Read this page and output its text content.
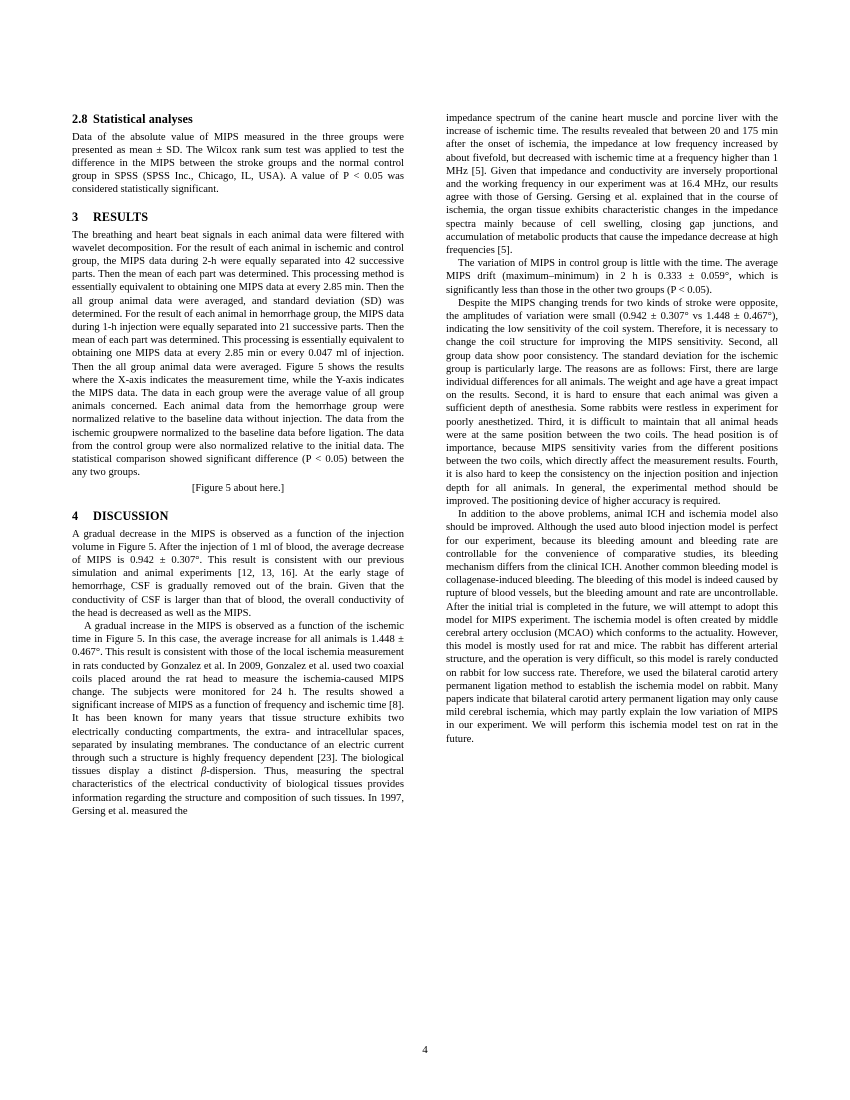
2.8 Statistical analyses

Data of the absolute value of MIPS measured in the three groups were presented as mean ± SD. The Wilcox rank sum test was applied to test the difference in the MIPS between the stroke groups and the normal control group in SPSS (SPSS Inc., Chicago, IL, USA). A value of P < 0.05 was considered statistically significant.

3 RESULTS

The breathing and heart beat signals in each animal data were filtered with wavelet decomposition. For the result of each animal in ischemic and control group, the MIPS data during 2-h were equally separated into 42 successive parts. Then the mean of each part was determined. This processing method is essentially equivalent to obtaining one MIPS data at every 2.85 min. Then the all group animal data were averaged, and standard deviation (SD) was determined. For the result of each animal in hemorrhage group, the MIPS data during 1-h injection were equally separated into 21 successive parts. Then the mean of each part was determined. This processing is essentially equivalent to obtaining one MIPS data at every 2.85 min or every 0.047 ml of injection. Then the all group animal data were averaged. Figure 5 shows the results where the X-axis indicates the measurement time, while the Y-axis indicates the MIPS data. The data in each group were the average value of all group animals concerned. Each animal data from the hemorrhage group were normalized relative to the baseline data without injection. The data from the ischemic groupwere normalized to the baseline data before ligation. The data from the control group were also normalized relative to the initial data. The statistical comparison showed significant difference (P < 0.05) between the any two groups.

[Figure 5 about here.]

4 DISCUSSION

A gradual decrease in the MIPS is observed as a function of the injection volume in Figure 5. After the injection of 1 ml of blood, the average decrease of MIPS is 0.942 ± 0.307°. This result is consistent with our previous simulation and animal experiments [12, 13, 16]. At the early stage of hemorrhage, CSF is gradually removed out of the brain. Given that the conductivity of CSF is larger than that of blood, the overall conductivity of the head is decreased as well as the MIPS.

A gradual increase in the MIPS is observed as a function of the ischemic time in Figure 5. In this case, the average increase for all animals is 1.448 ± 0.467°. This result is consistent with those of the local ischemia measurement in rats conducted by Gonzalez et al. In 2009, Gonzalez et al. used two coaxial coils placed around the rat head to measure the ischemia-caused MIPS change. The subjects were monitored for 24 h. The results showed a significant increase of MIPS as a function of frequency and ischemic time [8]. It has been known for many years that tissue structure exhibits two electrically conducting compartments, the extra- and intracellular spaces, separated by insulating membranes. The conductance of an electric current through such a structure is highly frequency dependent [23]. The biological tissues display a distinct β-dispersion. Thus, measuring the spectral characteristics of the electrical conductivity of biological tissues provides information regarding the structure and composition of such tissues. In 1997, Gersing et al. measured the

impedance spectrum of the canine heart muscle and porcine liver with the increase of ischemic time. The results revealed that between 20 and 175 min after the onset of ischemia, the impedance at low frequency increased by about fivefold, but decreased with ischemic time at a frequency higher than 1 MHz [5]. Given that impedance and conductivity are inversely proportional and the working frequency in our experiment was at 16.4 MHz, our results agree with those of Gersing. Gersing et al. explained that in the course of ischemia, the organ tissue exhibits characteristic changes in the impedance spectra mainly because of cell swelling, closing gap junctions, and accumulation of metabolic products that cause the impedance decrease at high frequencies [5].

The variation of MIPS in control group is little with the time. The average MIPS drift (maximum–minimum) in 2 h is 0.333 ± 0.059°, which is significantly less than those in the other two groups (P < 0.05).

Despite the MIPS changing trends for two kinds of stroke were opposite, the amplitudes of variation were small (0.942 ± 0.307° vs 1.448 ± 0.467°), indicating the low sensitivity of the coil system. Therefore, it is necessary to change the coil structure for improving the MIPS sensitivity. Second, all group data show poor consistency. The standard deviation for the ischemic group is particularly large. The reasons are as follows: First, there are large individual differences for all animals. The weight and age have a great impact on the results. Second, it is hard to ensure that each animal was given a sufficient depth of anesthesia. Some rabbits were restless in experiment for poorly anesthetized. Third, it is difficult to maintain that all animal heads were at the same position between the two coils. The head position is of importance, because MIPS sensitivity varies from the different positions between the two coils, which directly affect the measurement results. Fourth, it is also hard to keep the consistency on the injection position and injection depth for all animals. In general, the experimental method should be improved. The positioning device of higher accuracy is required.

In addition to the above problems, animal ICH and ischemia model also should be improved. Although the used auto blood injection model is perfect for our experiment, because its bleeding amount and bleeding rate are controllable for the convenience of comparative studies, its bleeding mechanism differs from the clinical ICH. Another common bleeding model is collagenase-induced bleeding. The bleeding of this model is indeed caused by rupture of blood vessels, but the bleeding amount and rate are uncontrollable. After the initial trial is completed in the future, we will attempt to adopt this model for MIPS experiment. The ischemia model is often created by middle cerebral artery occlusion (MCAO) which conforms to the actuality. However, this model is mostly used for rat and mice. The rabbit has different arterial structure, and the operation is very difficult, so this model is rarely conducted on rabbit for low success rate. Therefore, we used the bilateral carotid artery permanent ligation method to establish the ischemia model on rabbit. Many papers indicate that bilateral carotid artery permanent ligation may only cause mild cerebral ischemia, which may partly explain the low variation of MIPS in our experiment. We will perform this ischemia model test on rat in the future.

4
